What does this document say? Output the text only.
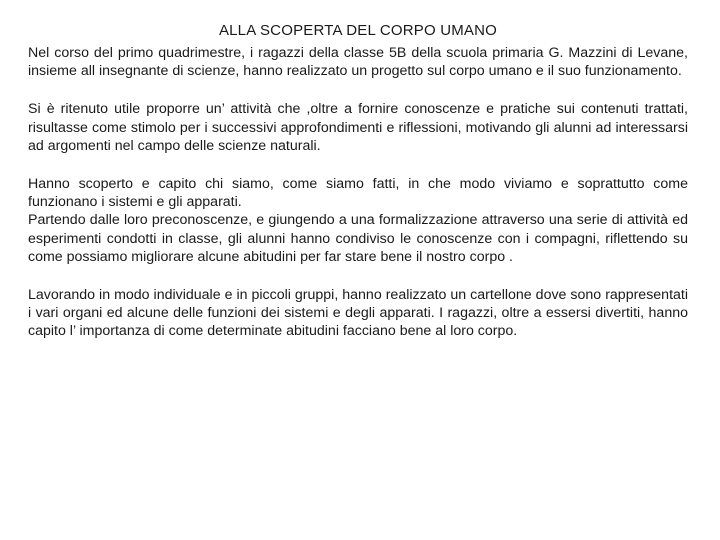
ALLA SCOPERTA DEL CORPO UMANO

Nel corso del primo quadrimestre, i ragazzi della classe 5B della scuola primaria G. Mazzini di Levane, insieme all insegnante di scienze, hanno realizzato un progetto sul corpo umano e il suo funzionamento.

Si è ritenuto utile proporre un’ attività che ,oltre a fornire conoscenze e pratiche sui contenuti trattati, risultasse come stimolo per i successivi approfondimenti e riflessioni, motivando gli alunni ad interessarsi ad argomenti nel campo delle scienze naturali.

Hanno scoperto e capito chi siamo, come siamo fatti, in che modo viviamo e soprattutto come funzionano i sistemi e gli apparati.

Partendo dalle loro preconoscenze, e giungendo a una formalizzazione attraverso una serie di attività ed esperimenti condotti in classe, gli alunni hanno condiviso le conoscenze con i compagni, riflettendo su come possiamo migliorare alcune abitudini per far stare bene il nostro corpo .

Lavorando in modo individuale e in piccoli gruppi, hanno realizzato un cartellone dove sono rappresentati i vari organi ed alcune delle funzioni dei sistemi e degli apparati. I ragazzi, oltre a essersi divertiti, hanno capito l’ importanza di come determinate abitudini facciano bene al loro corpo.
